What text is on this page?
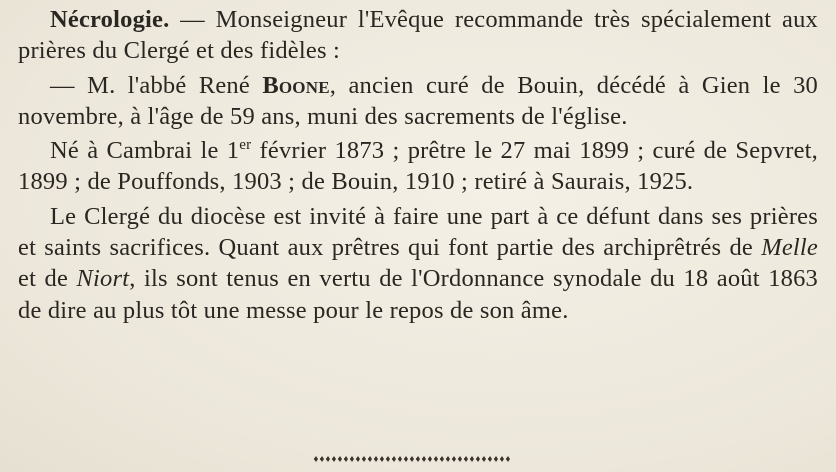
Nécrologie. — Monseigneur l'Evêque recommande très spécialement aux prières du Clergé et des fidèles :

— M. l'abbé René Boone, ancien curé de Bouin, décédé à Gien le 30 novembre, à l'âge de 59 ans, muni des sacrements de l'église.

Né à Cambrai le 1er février 1873 ; prêtre le 27 mai 1899 ; curé de Sepvret, 1899 ; de Pouffonds, 1903 ; de Bouin, 1910 ; retiré à Saurais, 1925.

Le Clergé du diocèse est invité à faire une part à ce défunt dans ses prières et saints sacrifices. Quant aux prêtres qui font partie des archiprêtrés de Melle et de Niort, ils sont tenus en vertu de l'Ordonnance synodale du 18 août 1863 de dire au plus tôt une messe pour le repos de son âme.
